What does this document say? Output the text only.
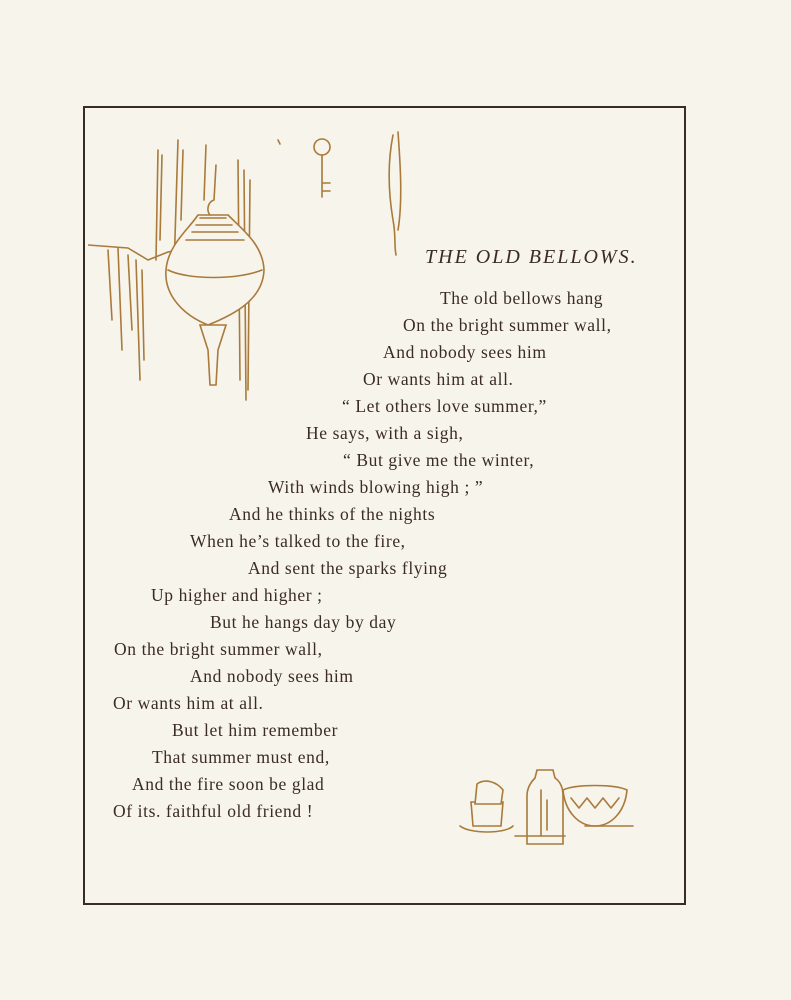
THE OLD BELLOWS.
The old bellows hang
On the bright summer wall,
And nobody sees him
Or wants him at all.
“ Let others love summer,”
He says, with a sigh,
“ But give me the winter,
With winds blowing high ; ”
And he thinks of the nights
When he’s talked to the fire,
And sent the sparks flying
Up higher and higher ;
But he hangs day by day
On the bright summer wall,
And nobody sees him
Or wants him at all.
But let him remember
That summer must end,
And the fire soon be glad
Of its. faithful old friend !
